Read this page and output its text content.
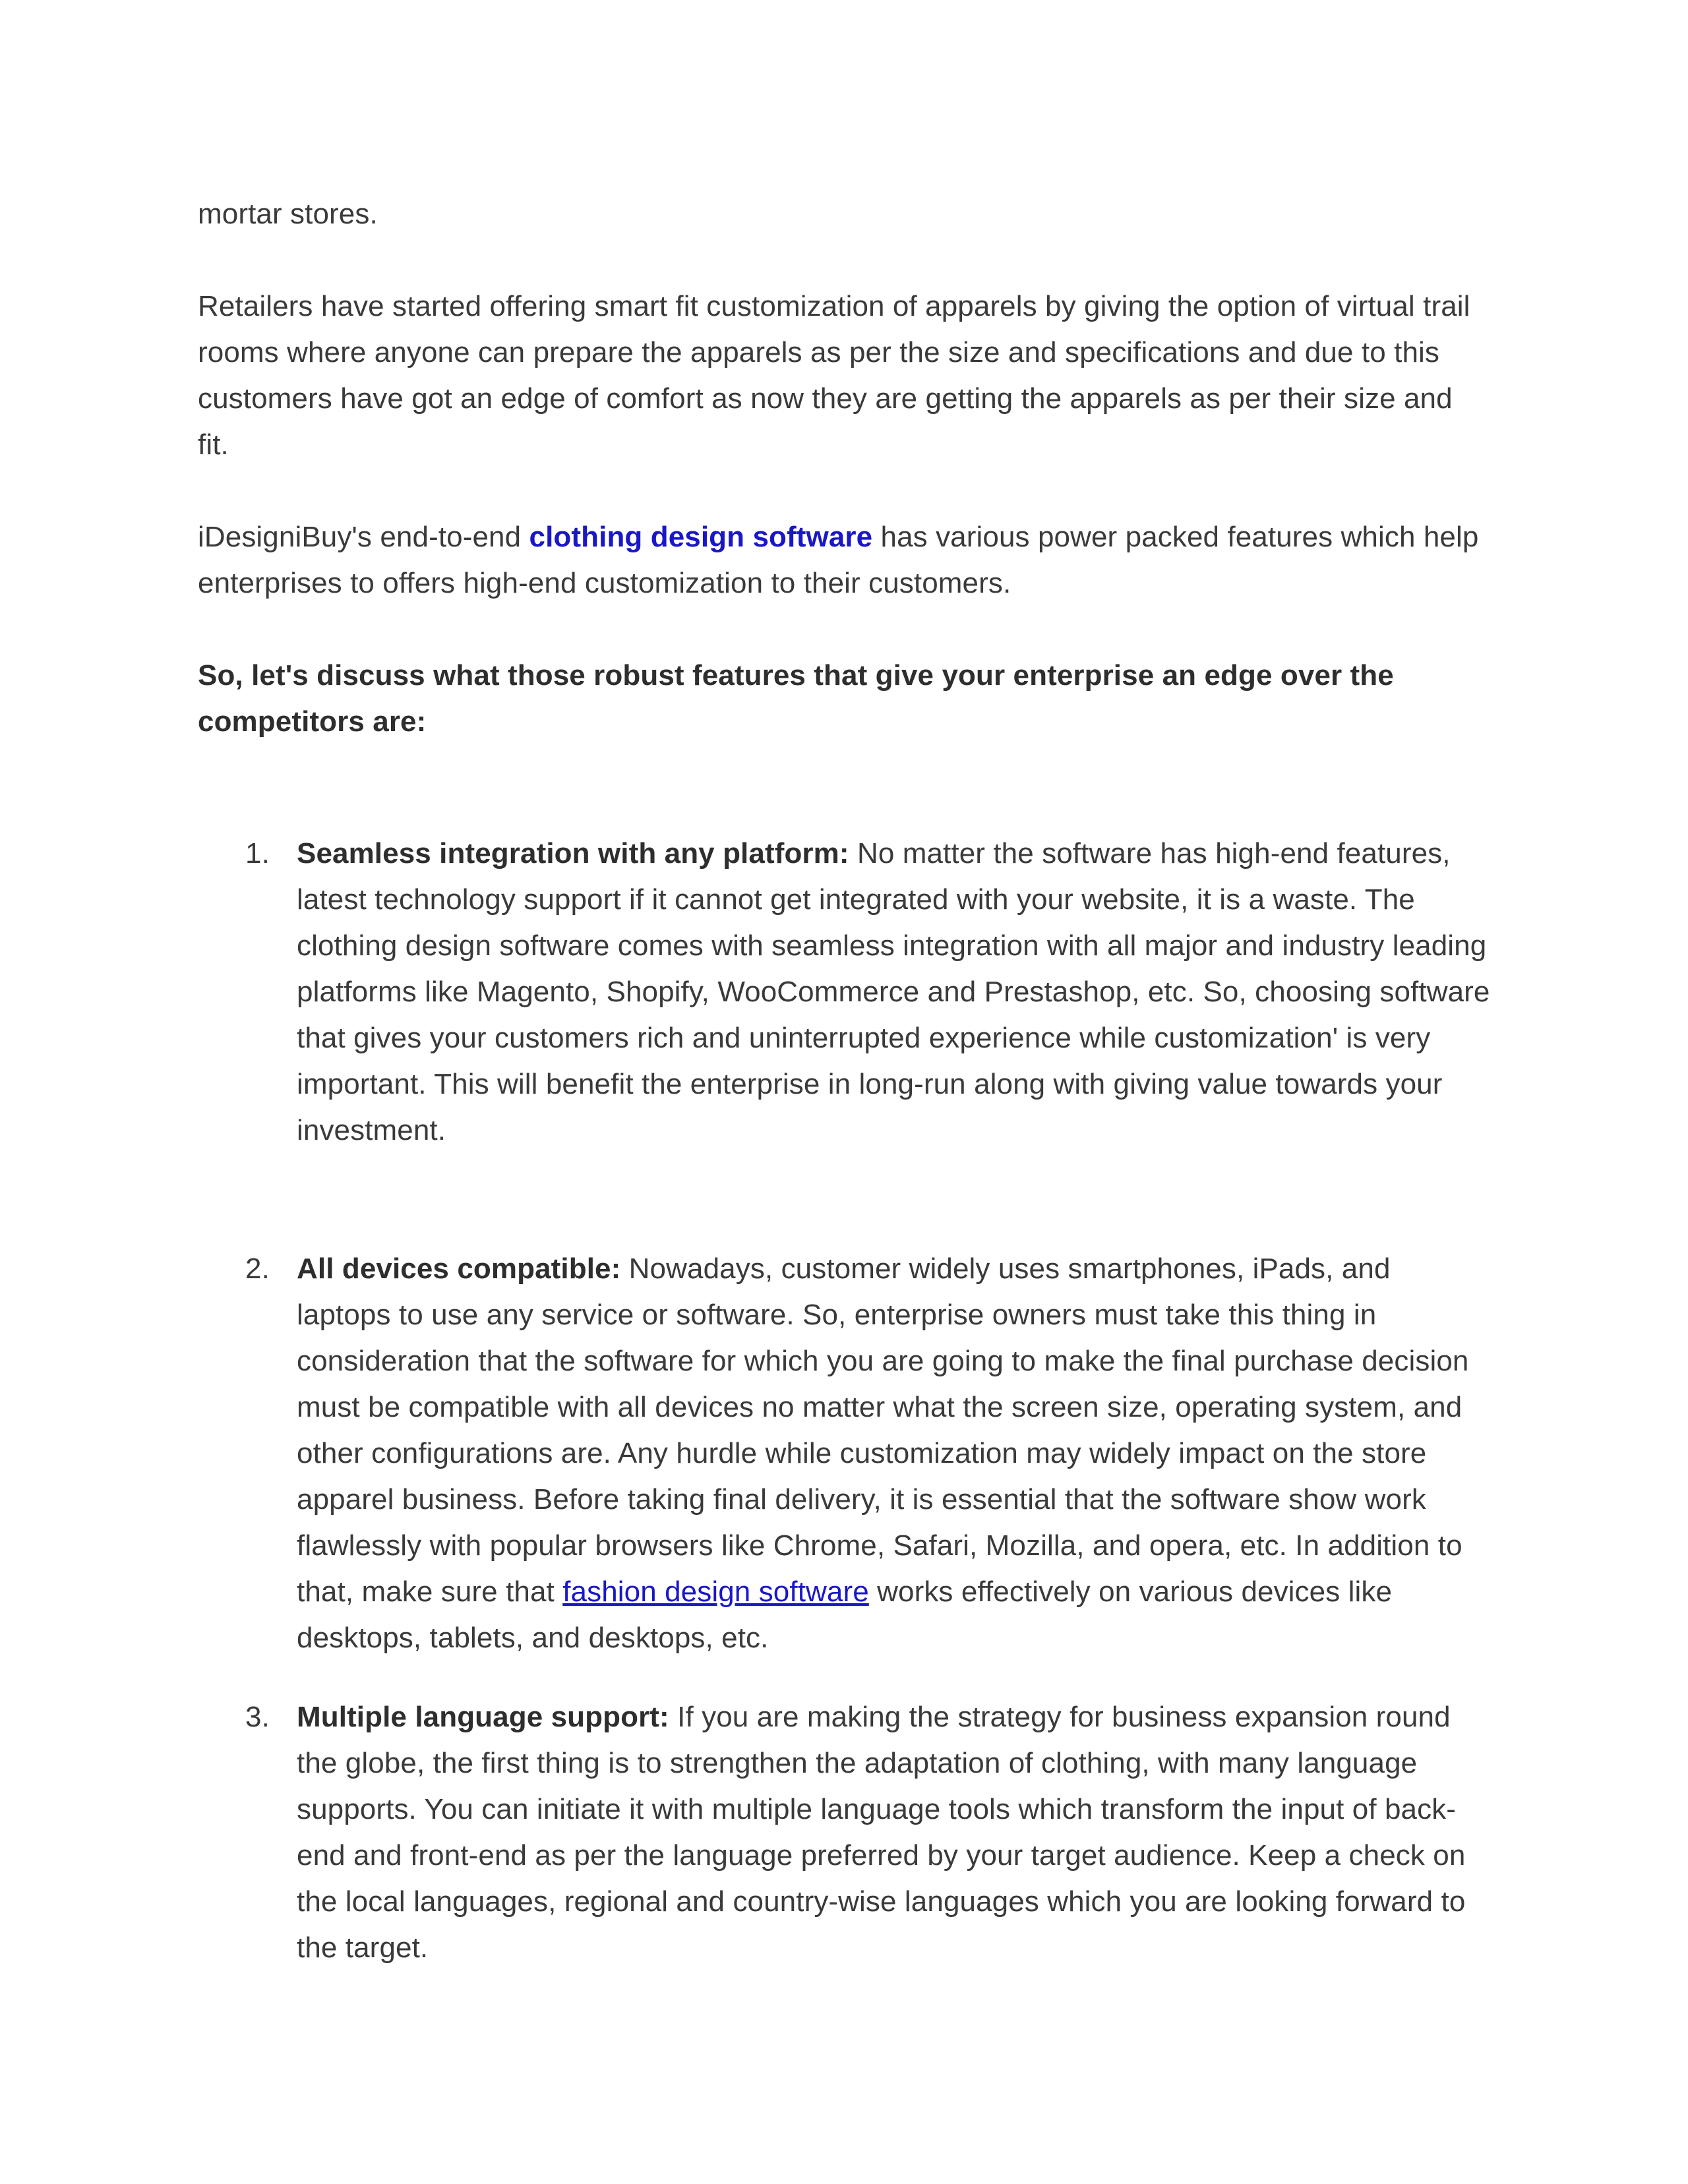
mortar stores.

Retailers have started offering smart fit customization of apparels by giving the option of virtual trail rooms where anyone can prepare the apparels as per the size and specifications and due to this customers have got an edge of comfort as now they are getting the apparels as per their size and fit.

iDesigniBuy's end-to-end clothing design software has various power packed features which help enterprises to offers high-end customization to their customers.

So, let's discuss what those robust features that give your enterprise an edge over the competitors are:

1. Seamless integration with any platform: No matter the software has high-end features, latest technology support if it cannot get integrated with your website, it is a waste. The clothing design software comes with seamless integration with all major and industry leading platforms like Magento, Shopify, WooCommerce and Prestashop, etc. So, choosing software that gives your customers rich and uninterrupted experience while customization' is very important. This will benefit the enterprise in long-run along with giving value towards your investment.
2. All devices compatible: Nowadays, customer widely uses smartphones, iPads, and laptops to use any service or software. So, enterprise owners must take this thing in consideration that the software for which you are going to make the final purchase decision must be compatible with all devices no matter what the screen size, operating system, and other configurations are. Any hurdle while customization may widely impact on the store apparel business. Before taking final delivery, it is essential that the software show work flawlessly with popular browsers like Chrome, Safari, Mozilla, and opera, etc. In addition to that, make sure that fashion design software works effectively on various devices like desktops, tablets, and desktops, etc.
3. Multiple language support: If you are making the strategy for business expansion round the globe, the first thing is to strengthen the adaptation of clothing, with many language supports. You can initiate it with multiple language tools which transform the input of back-end and front-end as per the language preferred by your target audience. Keep a check on the local languages, regional and country-wise languages which you are looking forward to the target.
